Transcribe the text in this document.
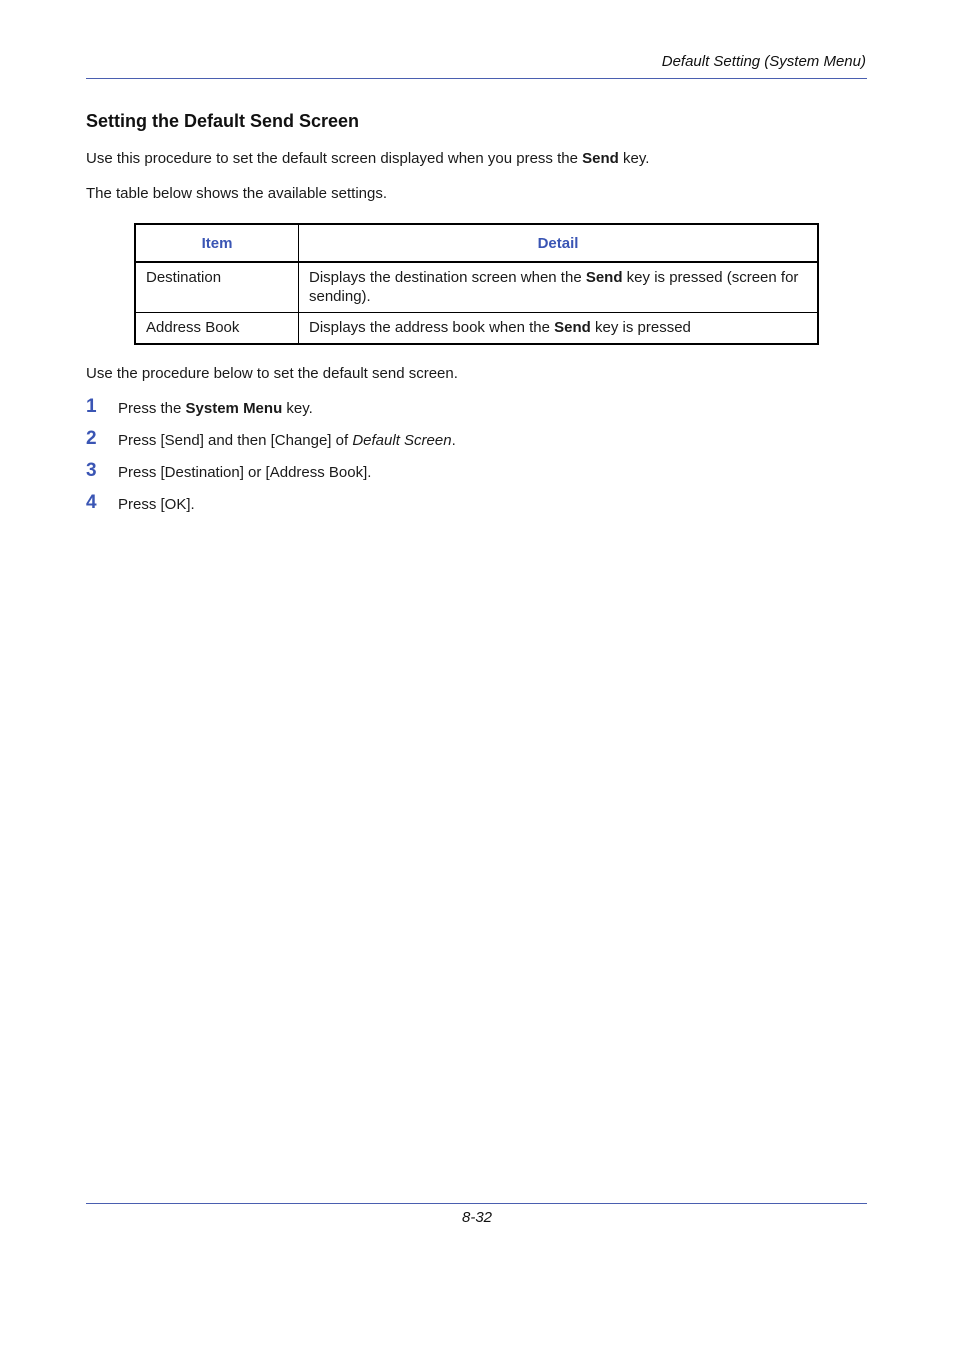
Default Setting (System Menu)
Setting the Default Send Screen

Use this procedure to set the default screen displayed when you press the Send key.

The table below shows the available settings.

Item	Detail
Destination	Displays the destination screen when the Send key is pressed (screen for sending).
Address Book	Displays the address book when the Send key is pressed

Use the procedure below to set the default send screen.

1 Press the System Menu key.
2 Press [Send] and then [Change] of Default Screen.
3 Press [Destination] or [Address Book].
4 Press [OK].
8-32
